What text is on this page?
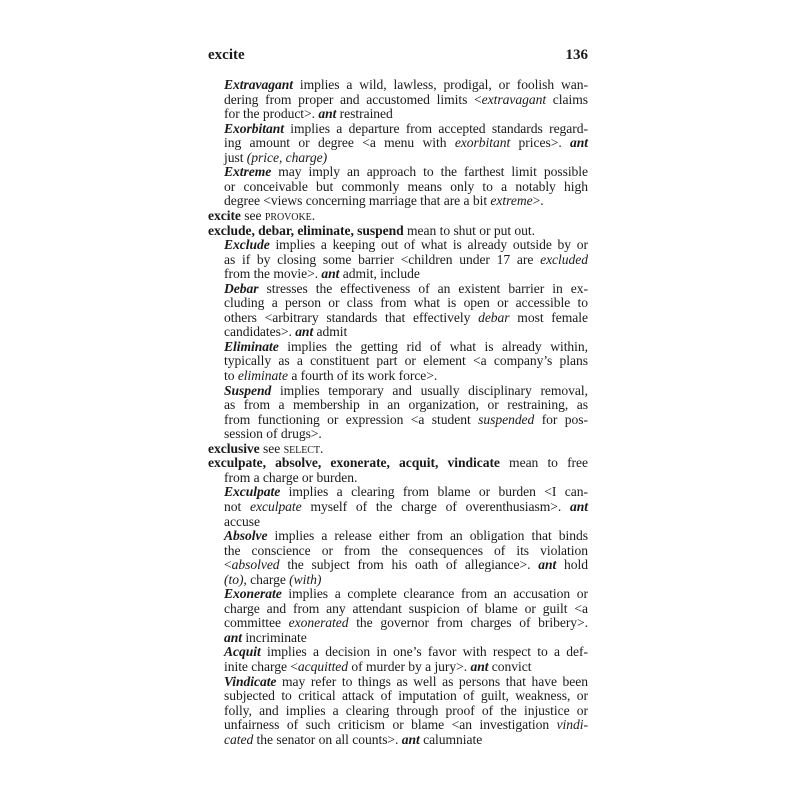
excite	136
Extravagant implies a wild, lawless, prodigal, or foolish wan-
dering from proper and accustomed limits <extravagant claims
for the product>. ant restrained
Exorbitant implies a departure from accepted standards regard-
ing amount or degree <a menu with exorbitant prices>. ant
just (price, charge)
Extreme may imply an approach to the farthest limit possible
or conceivable but commonly means only to a notably high
degree <views concerning marriage that are a bit extreme>.
excite see provoke.
exclude, debar, eliminate, suspend mean to shut or put out.
Exclude implies a keeping out of what is already outside by or
as if by closing some barrier <children under 17 are excluded
from the movie>. ant admit, include
Debar stresses the effectiveness of an existent barrier in ex-
cluding a person or class from what is open or accessible to
others <arbitrary standards that effectively debar most female
candidates>. ant admit
Eliminate implies the getting rid of what is already within,
typically as a constituent part or element <a company’s plans
to eliminate a fourth of its work force>.
Suspend implies temporary and usually disciplinary removal,
as from a membership in an organization, or restraining, as
from functioning or expression <a student suspended for pos-
session of drugs>.
exclusive see select.
exculpate, absolve, exonerate, acquit, vindicate mean to free
from a charge or burden.
Exculpate implies a clearing from blame or burden <I can-
not exculpate myself of the charge of overenthusiasm>. ant
accuse
Absolve implies a release either from an obligation that binds
the conscience or from the consequences of its violation
<absolved the subject from his oath of allegiance>. ant hold
(to), charge (with)
Exonerate implies a complete clearance from an accusation or
charge and from any attendant suspicion of blame or guilt <a
committee exonerated the governor from charges of bribery>.
ant incriminate
Acquit implies a decision in one’s favor with respect to a def-
inite charge <acquitted of murder by a jury>. ant convict
Vindicate may refer to things as well as persons that have been
subjected to critical attack of imputation of guilt, weakness, or
folly, and implies a clearing through proof of the injustice or
unfairness of such criticism or blame <an investigation vindi-
cated the senator on all counts>. ant calumniate
